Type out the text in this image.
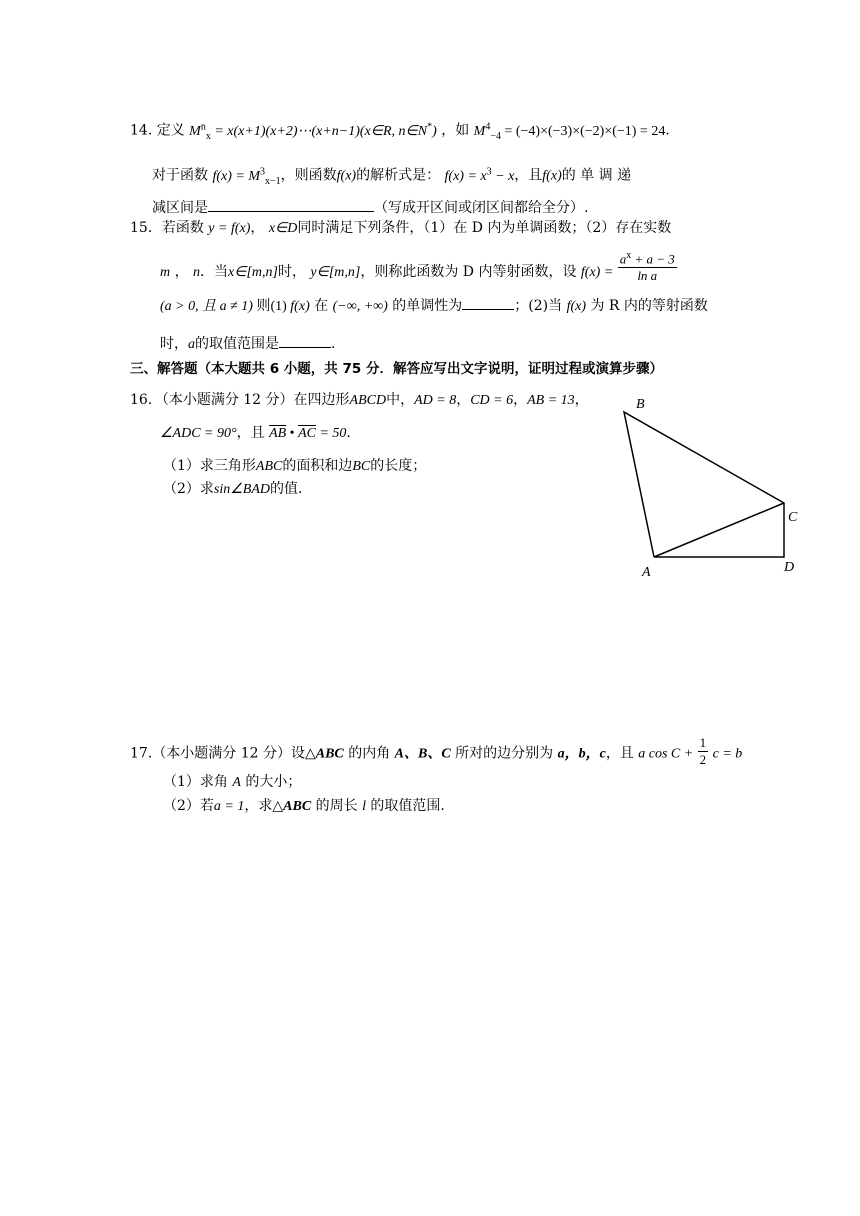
14. 定义 $M^n_x$ = x(x+1)(x+2)⋯(x+n−1)(x∈R, n∈N*) ，如 $M^4_{-4} = (-4)\times(-3)\times(-2)\times(-1) = 24$.
对于函数 $f(x) = M^3_{x-1}$，则函数f(x)的解析式是： $f(x) = x^3 - x$，且f(x)的 单 调 递
减区间是	（写成开区间或闭区间都给全分）.
15．若函数 y = f(x)， x∈D同时满足下列条件，（1）在 D 内为单调函数；（2）存在实数
m ， n．当x∈[m,n]时， y∈[m,n]，则称此函数为 D 内等射函数，设 $f(x) = \frac{a^x + a - 3}{\text{ln a}}$
(a > 0, 且 a ≠ 1) 则(1) f(x) 在 (−∞, +∞) 的单调性为	；(2)当 f(x) 为 R 内的等射函数
时，a的取值范围是	.
三、解答题（本大题共 6 小题，共 75 分．解答应写出文字说明，证明过程或演算步骤）
16．（本小题满分 12 分）在四边形ABCD中，AD = 8，CD = 6，AB = 13，
∠ADC = 90°，且 $\overline{AB}$ • $\overline{AC} = 50$.
（1）求三角形ABC的面积和边BC的长度；
（2）求sin∠BAD的值.
B
C
A	D
17.（本小题满分 12 分）设△ABC 的内角 A、B、C 所对的边分别为 a，b，c，且 a $\cos C + \frac{1}{2}$ c = b
（1）求角 A 的大小；
（2）若a = 1，求△ABC 的周长 l 的取值范围.
